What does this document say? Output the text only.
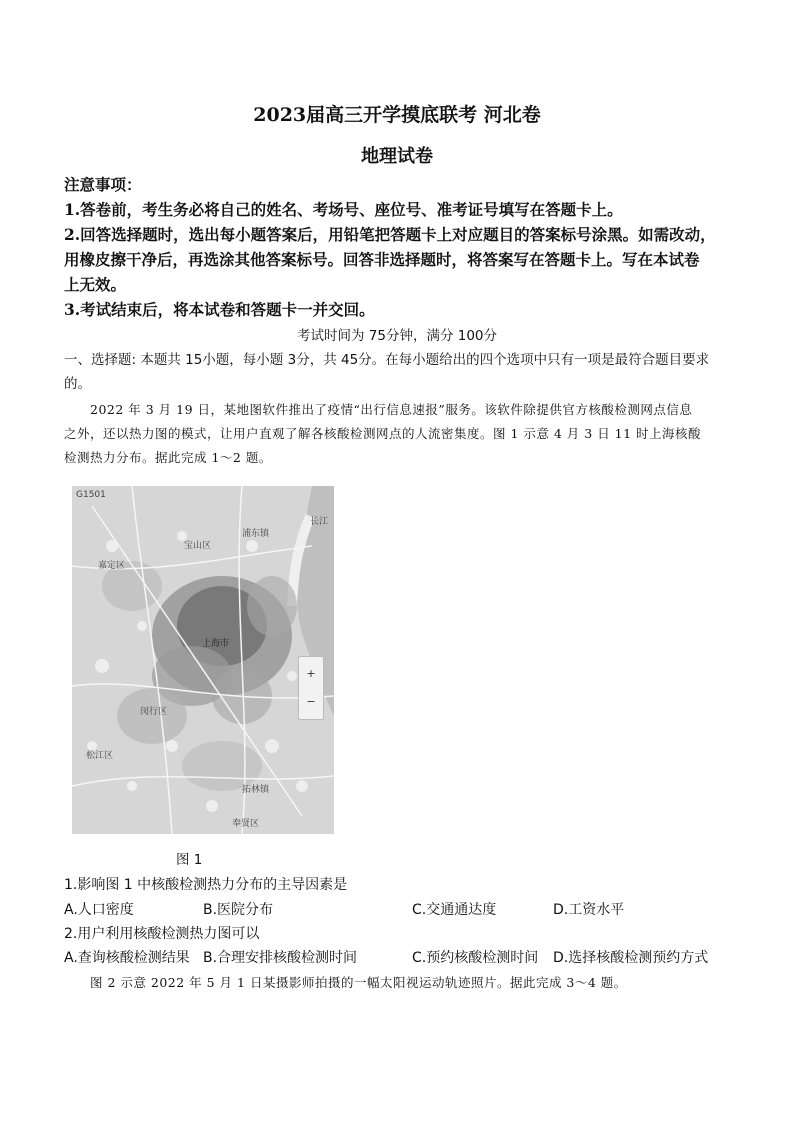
2023届高三开学摸底联考 河北卷
地理试卷
注意事项：
1.答卷前，考生务必将自己的姓名、考场号、座位号、准考证号填写在答题卡上。
2.回答选择题时，选出每小题答案后，用铅笔把答题卡上对应题目的答案标号涂黑。如需改动，
用橡皮擦干净后，再选涂其他答案标号。回答非选择题时，将答案写在答题卡上。写在本试卷
上无效。
3.考试结束后，将本试卷和答题卡一并交回。
考试时间为 75分钟，满分 100分
一、选择题: 本题共 15小题，每小题 3分，共 45分。在每小题给出的四个选项中只有一项是最符合题目要求
的。
2022 年 3 月 19 日，某地图软件推出了疫情“出行信息速报”服务。该软件除提供官方核酸检测网点信息
之外，还以热力图的模式，让用户直观了解各核酸检测网点的人流密集度。图 1 示意 4 月 3 日 11 时上海核酸
检测热力分布。据此完成 1～2 题。
宝山区
嘉定区
浦东镇
上海市
闵行区
松江区
奉贤区
拓林镇
长江
G1501
+
−
图 1
1.影响图 1 中核酸检测热力分布的主导因素是
A.人口密度	B.医院分布	C.交通通达度	D.工资水平
2.用户利用核酸检测热力图可以
A.查询核酸检测结果 B.合理安排核酸检测时间	C.预约核酸检测时间 D.选择核酸检测预约方式
图 2 示意 2022 年 5 月 1 日某摄影师拍摄的一幅太阳视运动轨迹照片。据此完成 3～4 题。
